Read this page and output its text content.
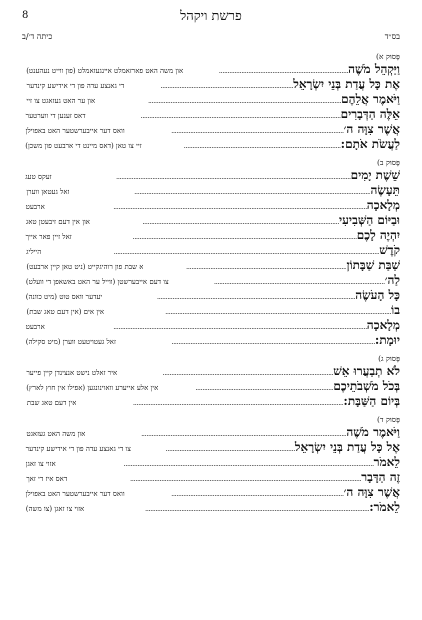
8	פרשת ויקהל
בס״ד
כיתה ד׳/ב
פָּסוּק א)
וַיַּקְהֵל מֹשֶׁה
...........................................................................
און משה האט פארזאמלט אײנגעזאמלט (פון ווייט נעהענט)
אֶת כָּל עֲדַת בְּנֵי יִשְׂרָאֵל
.............................................................................
די גאנצע עדה פון די אידישע קינדער
וַיֹּאמֶר אֲלֵהֶם
................................................................................................................
און ער האט געזאגט צו זיי
אֵלֶּה הַדְּבָרִים
....................................................................................................................
דאס זענען די ווערטער
אֲשֶׁר צִוָּה ה׳
....................................................................................................
וואס דער אייבערשטער האט באפוילן
לַעֲשֹׂת אֹתָם:
...........................................................................................
זיי צו טאן (דאס מיינט די ארבעט פון משכן)
פָּסוּק ב)
שֵׁשֶׁת יָמִים
........................................................................................................................................
זעקס טעג
תֵּעָשֶׂה
.........................................................................................................................................
זאל געטאן ווערן
מְלָאכָה
...................................................................................................................................................
ארבעט
וּבַיּוֹם הַשְּׁבִיעִי
..................................................................................................................
און אין דעם זיבעטן טאג
יִהְיֶה לָכֶם
..................................................................................................................................
זאל זיין פאר אייך
קֹדֶשׁ
..........................................................................................................................................................
הייליג
שַׁבַּת שַׁבָּתוֹן
.............................................................................................
א שבת פון רוהיגקייט (ניט טאן קיין ארבעט)
לַה׳
...................................................................................................
צו דעם אייבערשטן (ווייל ער האט באשאפן די וועלט)
כָּל הָעֹשֶׂה
...................................................................................................................
יעדער וואס טוט (מיט כוונה)
בוֹ
...................................................................................................................................
אין אים (אין דעם טאג שבת)
מְלָאכָה
...................................................................................................................................................
ארבעט
יוּמָת:
......................................................................................................................
זאל געטויטעט ווערן (מיט סקילה)
פָּסוּק ג)
לֹא תְבַעֲרוּ אֵשׁ
...................................................................................................
איר זאלט נישט אנצינדן קיין פייער
בְּכֹל מֹשְׁבֹתֵיכֶם
................................................................................
אין אלע אייערע וואוינונגען (אפילו אין חוץ לארץ)
בְּיוֹם הַשַּׁבָּת:
..........................................................................................................................
אין דעם טאג שבת
פָּסוּק ד)
וַיֹּאמֶר מֹשֶׁה
.......................................................................................................................
און משה האט געזאגט
אֶל כָּל עֲדַת בְּנֵי יִשְׂרָאֵל
...........................................................................
צו די גאנצע עדה פון די אידישע קינדער
לֵאמֹר
.................................................................................................................................................
אזוי צו זאגן
זֶה הַדָּבָר
......................................................................................................................................
דאס איז די זאך
אֲשֶׁר צִוָּה ה׳
....................................................................................................
וואס דער אייבערשטער האט באפוילן
לֵאמֹר:
..................................................................................................................................
אזוי צו זאגן (צו משה)
